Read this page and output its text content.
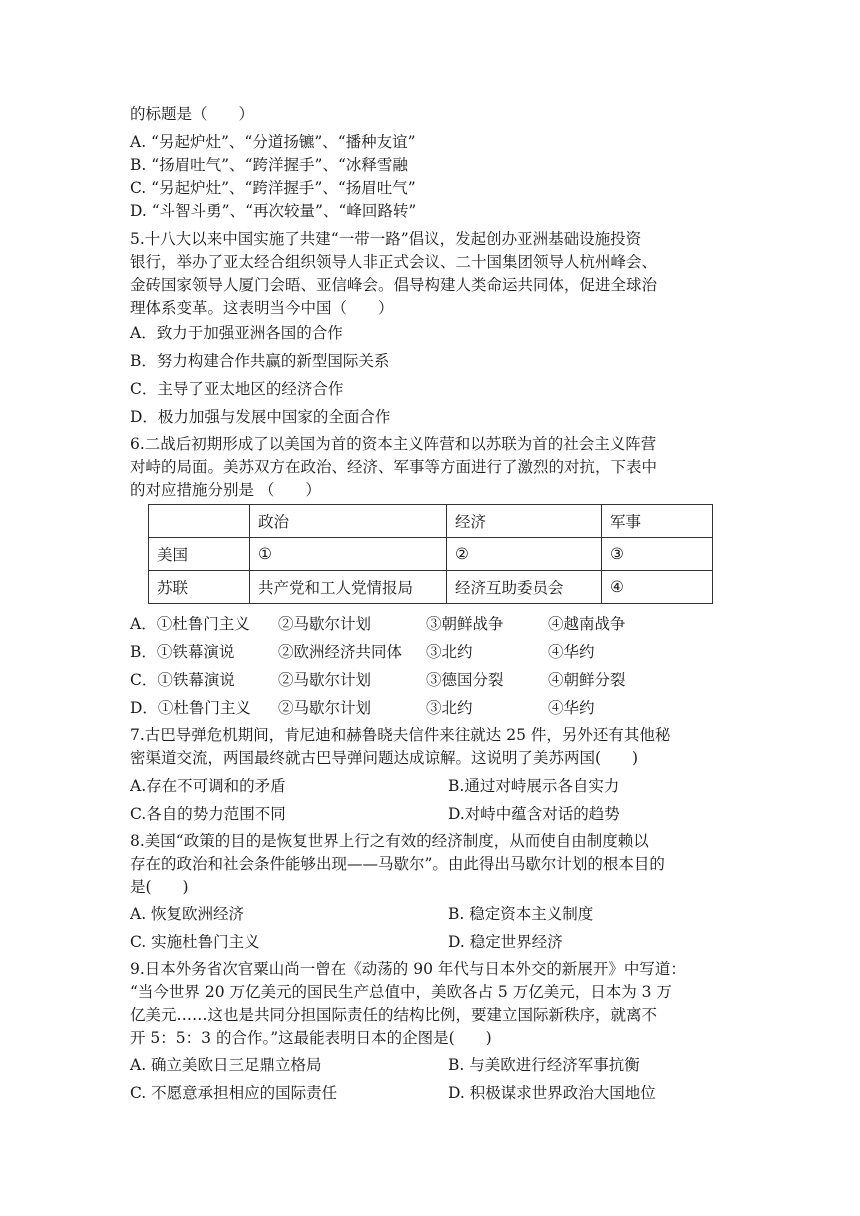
的标题是（　　）
A. “另起炉灶”、“分道扬镳”、“播种友谊”
B. “扬眉吐气”、“跨洋握手”、“冰释雪融
C. “另起炉灶”、“跨洋握手”、“扬眉吐气”
D. “斗智斗勇”、“再次较量”、“峰回路转”
5.十八大以来中国实施了共建“一带一路”倡议，发起创办亚洲基础设施投资
银行，举办了亚太经合组织领导人非正式会议、二十国集团领导人杭州峰会、
金砖国家领导人厦门会晤、亚信峰会。倡导构建人类命运共同体，促进全球治
理体系变革。这表明当今中国（　　）
A．致力于加强亚洲各国的合作
B．努力构建合作共赢的新型国际关系
C．主导了亚太地区的经济合作
D．极力加强与发展中国家的全面合作
6.二战后初期形成了以美国为首的资本主义阵营和以苏联为首的社会主义阵营
对峙的局面。美苏双方在政治、经济、军事等方面进行了激烈的对抗，下表中
的对应措施分别是 （　　）
	政治	经济	军事
美国	①	②	③
苏联	共产党和工人党情报局	经济互助委员会	④
A．①杜鲁门主义 ②马歇尔计划	③朝鲜战争	④越南战争
B．①铁幕演说	②欧洲经济共同体 ③北约	④华约
C．①铁幕演说	②马歇尔计划	③德国分裂	④朝鲜分裂
D．①杜鲁门主义 ②马歇尔计划	③北约	④华约
7.古巴导弹危机期间，肯尼迪和赫鲁晓夫信件来往就达 25 件，另外还有其他秘
密渠道交流，两国最终就古巴导弹问题达成谅解。这说明了美苏两国(　　)
A.存在不可调和的矛盾	B.通过对峙展示各自实力
C.各自的势力范围不同	D.对峙中蕴含对话的趋势
8.美国“政策的目的是恢复世界上行之有效的经济制度，从而使自由制度赖以
存在的政治和社会条件能够出现——马歇尔”。由此得出马歇尔计划的根本目的
是(　　)
A. 恢复欧洲经济	B. 稳定资本主义制度
C. 实施杜鲁门主义	D. 稳定世界经济
9.日本外务省次官粟山尚一曾在《动荡的 90 年代与日本外交的新展开》中写道：
“当今世界 20 万亿美元的国民生产总值中，美欧各占 5 万亿美元，日本为 3 万
亿美元……这也是共同分担国际责任的结构比例，要建立国际新秩序，就离不
开 5：5：3 的合作。”这最能表明日本的企图是(　　)
A. 确立美欧日三足鼎立格局	B. 与美欧进行经济军事抗衡
C. 不愿意承担相应的国际责任	D. 积极谋求世界政治大国地位
